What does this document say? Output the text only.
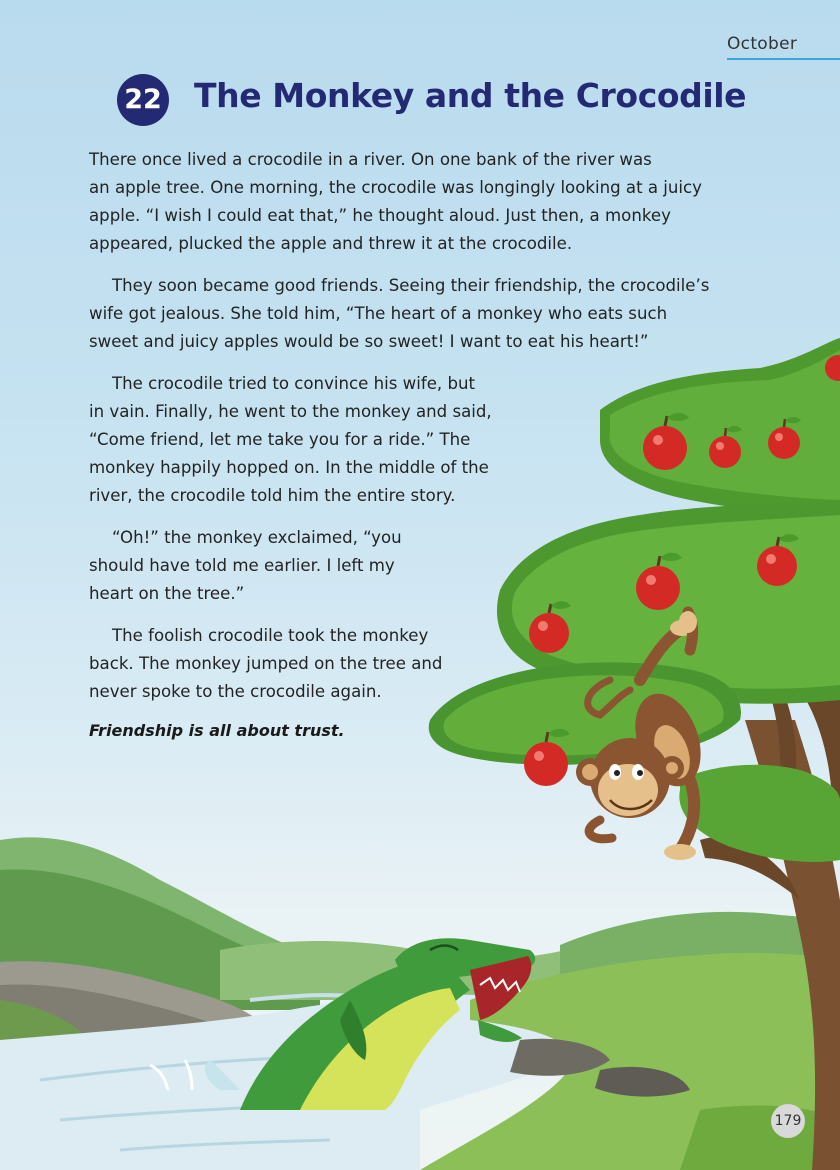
October
22 The Monkey and the Crocodile

There once lived a crocodile in a river. On one bank of the river was
an apple tree. One morning, the crocodile was longingly looking at a juicy
apple. “I wish I could eat that,” he thought aloud. Just then, a monkey
appeared, plucked the apple and threw it at the crocodile.

They soon became good friends. Seeing their friendship, the crocodile’s
wife got jealous. She told him, “The heart of a monkey who eats such
sweet and juicy apples would be so sweet! I want to eat his heart!”

The crocodile tried to convince his wife, but
in vain. Finally, he went to the monkey and said,
“Come friend, let me take you for a ride.” The
monkey happily hopped on. In the middle of the
river, the crocodile told him the entire story.

“Oh!” the monkey exclaimed, “you
should have told me earlier. I left my
heart on the tree.”

The foolish crocodile took the monkey
back. The monkey jumped on the tree and
never spoke to the crocodile again.

Friendship is all about trust.

179
